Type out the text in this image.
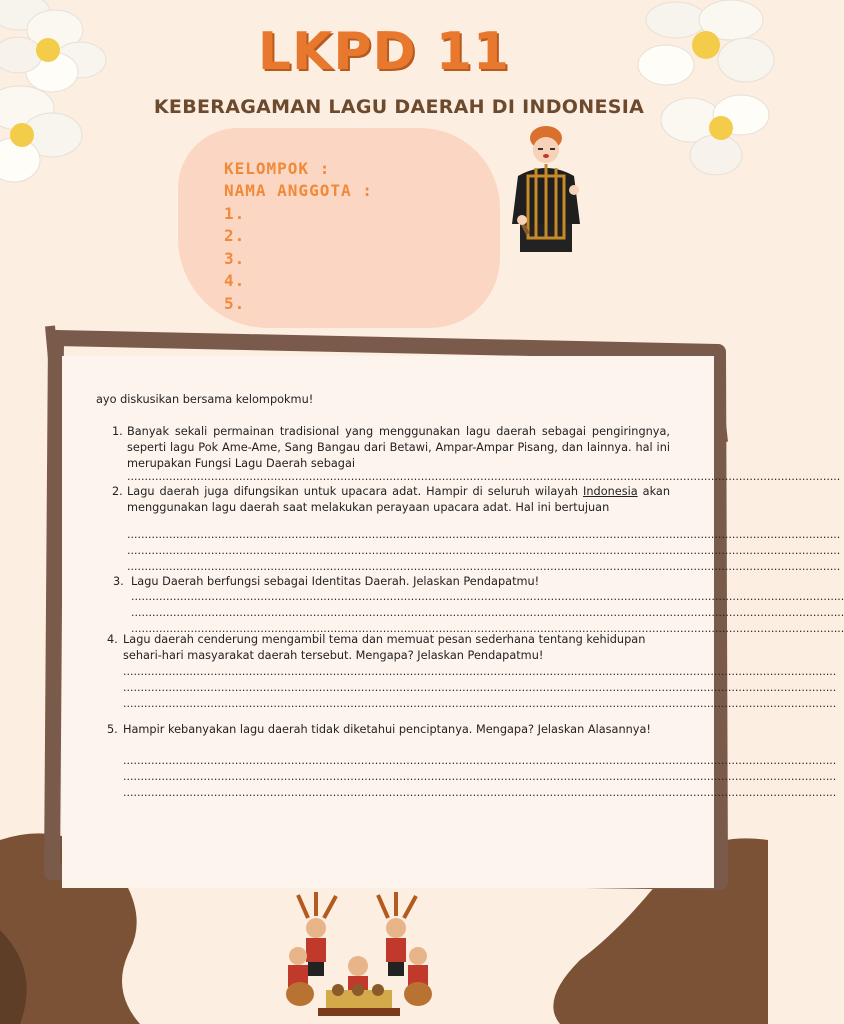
LKPD 11
KEBERAGAMAN LAGU DAERAH DI INDONESIA
KELOMPOK :
NAMA ANGGOTA :
1.
2.
3.
4.
5.
ayo diskusikan bersama kelompokmu!
1. Banyak sekali permainan tradisional yang menggunakan lagu daerah sebagai pengiringnya, seperti lagu Pok Ame-Ame, Sang Bangau dari Betawi, Ampar-Ampar Pisang, dan lainnya. hal ini merupakan Fungsi Lagu Daerah sebagai
............................................................................................................................................................................................................
2. Lagu daerah juga difungsikan untuk upacara adat. Hampir di seluruh wilayah Indonesia akan menggunakan lagu daerah saat melakukan perayaan upacara adat. Hal ini bertujuan
............................................................................................................................................................................................................
............................................................................................................................................................................................................
............................................................................................................................................................................................................
3. Lagu Daerah berfungsi sebagai Identitas Daerah. Jelaskan Pendapatmu!
............................................................................................................................................................................................................
............................................................................................................................................................................................................
............................................................................................................................................................................................................
4. Lagu daerah cenderung mengambil tema dan memuat pesan sederhana tentang kehidupan sehari-hari masyarakat daerah tersebut. Mengapa? Jelaskan Pendapatmu!
............................................................................................................................................................................................................
............................................................................................................................................................................................................
............................................................................................................................................................................................................
5. Hampir kebanyakan lagu daerah tidak diketahui penciptanya. Mengapa? Jelaskan Alasannya!
............................................................................................................................................................................................................
............................................................................................................................................................................................................
............................................................................................................................................................................................................
